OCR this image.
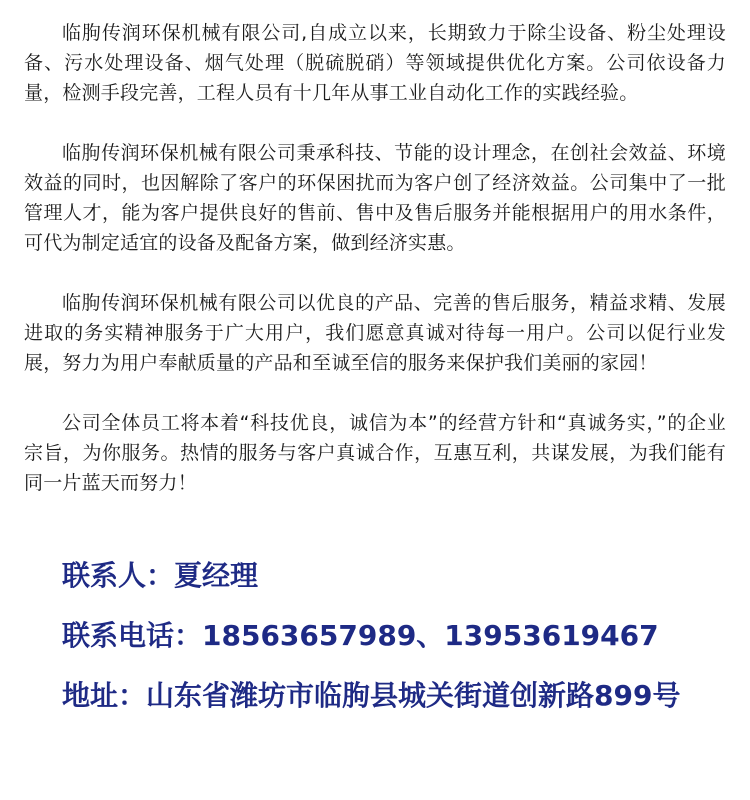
临朐传润环保机械有限公司,自成立以来，长期致力于除尘设备、粉尘处理设备、污水处理设备、烟气处理（脱硫脱硝）等领域提供优化方案。公司依设备力量，检测手段完善，工程人员有十几年从事工业自动化工作的实践经验。

临朐传润环保机械有限公司秉承科技、节能的设计理念，在创社会效益、环境效益的同时，也因解除了客户的环保困扰而为客户创了经济效益。公司集中了一批管理人才，能为客户提供良好的售前、售中及售后服务并能根据用户的用水条件，可代为制定适宜的设备及配备方案，做到经济实惠。

临朐传润环保机械有限公司以优良的产品、完善的售后服务，精益求精、发展进取的务实精神服务于广大用户，我们愿意真诚对待每一用户。公司以促行业发展，努力为用户奉献质量的产品和至诚至信的服务来保护我们美丽的家园！

公司全体员工将本着“科技优良，诚信为本”的经营方针和“真诚务实，”的企业宗旨，为你服务。热情的服务与客户真诚合作，互惠互利，共谋发展，为我们能有同一片蓝天而努力！

联系人：夏经理

联系电话：18563657989、13953619467

地址：山东省潍坊市临朐县城关街道创新路899号
